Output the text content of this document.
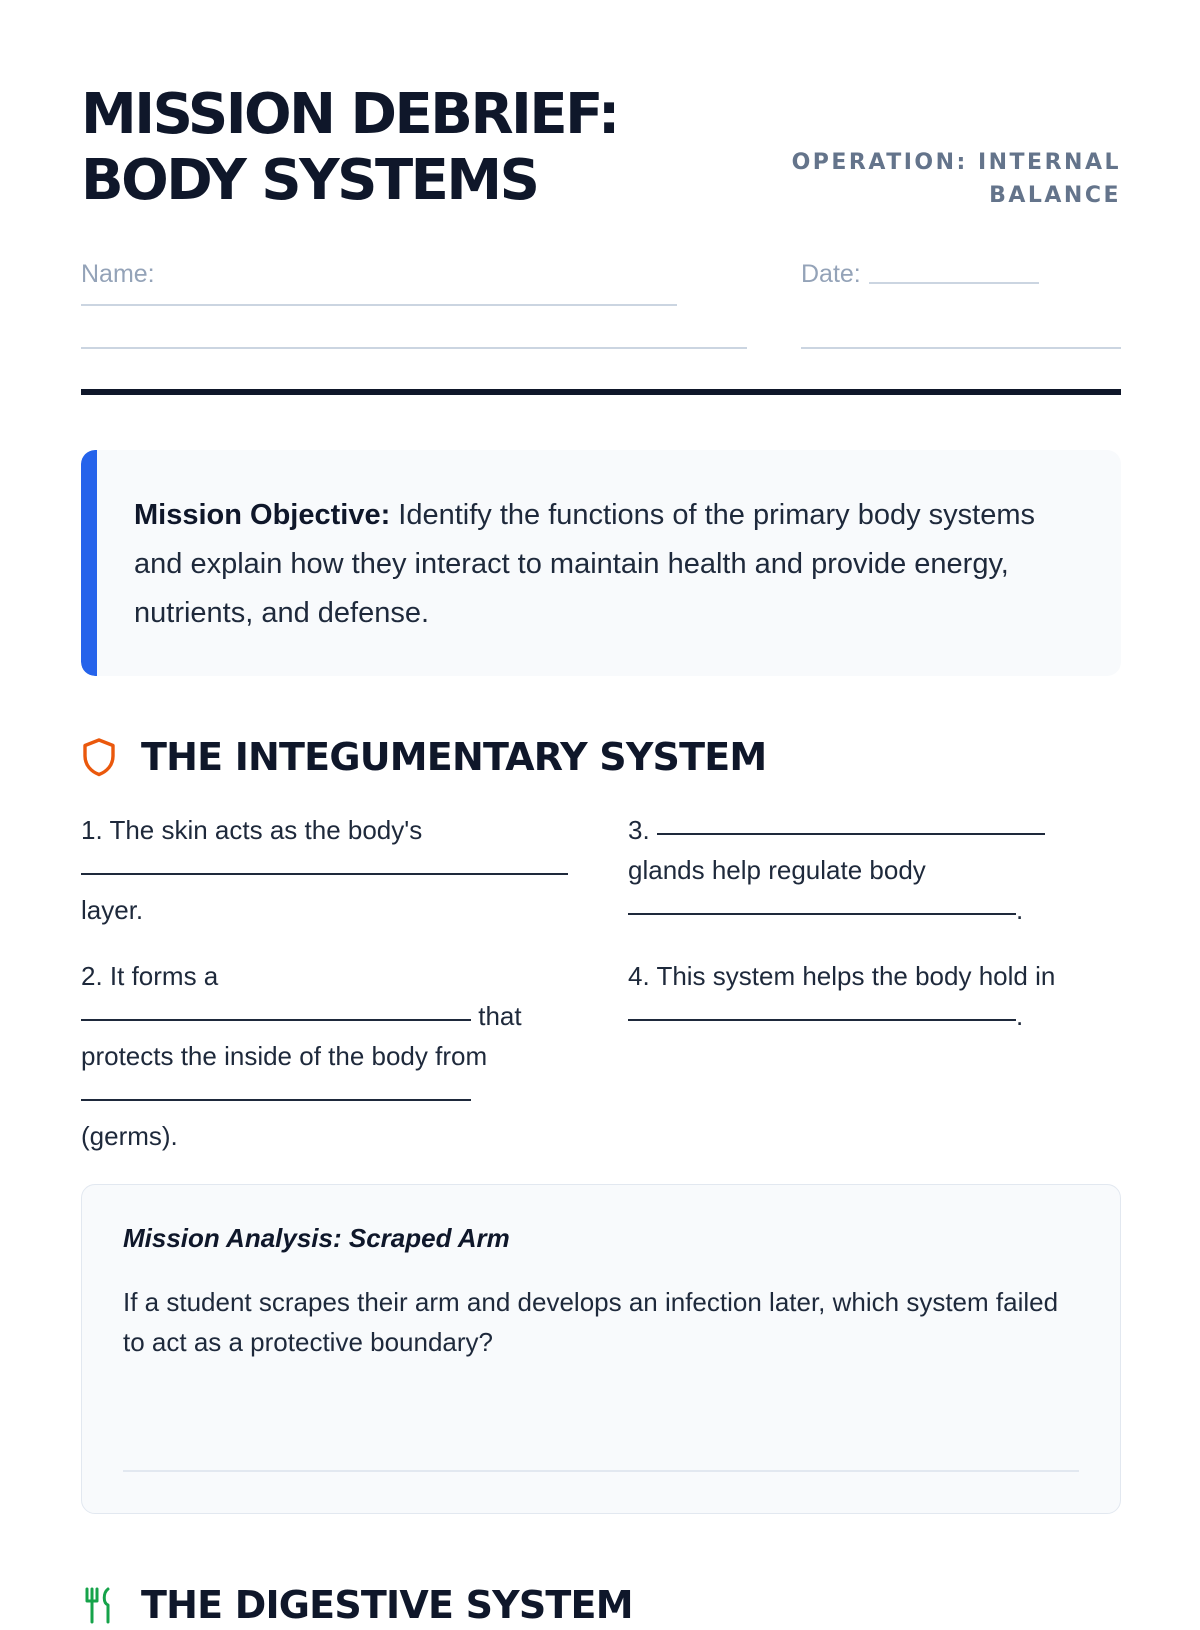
MISSION DEBRIEF:
BODY SYSTEMS	OPERATION: INTERNAL BALANCE
Name:	Date:

Mission Objective: Identify the functions of the primary body systems and explain how they interact to maintain health and provide energy, nutrients, and defense.

THE INTEGUMENTARY SYSTEM

1. The skin acts as the body's

layer.

2. It forms a
that protects the inside of the body from

(germs).

3.
glands help regulate body
.

4. This system helps the body hold in
.

Mission Analysis: Scraped Arm

If a student scrapes their arm and develops an infection later, which system failed to act as a protective boundary?

THE DIGESTIVE SYSTEM
